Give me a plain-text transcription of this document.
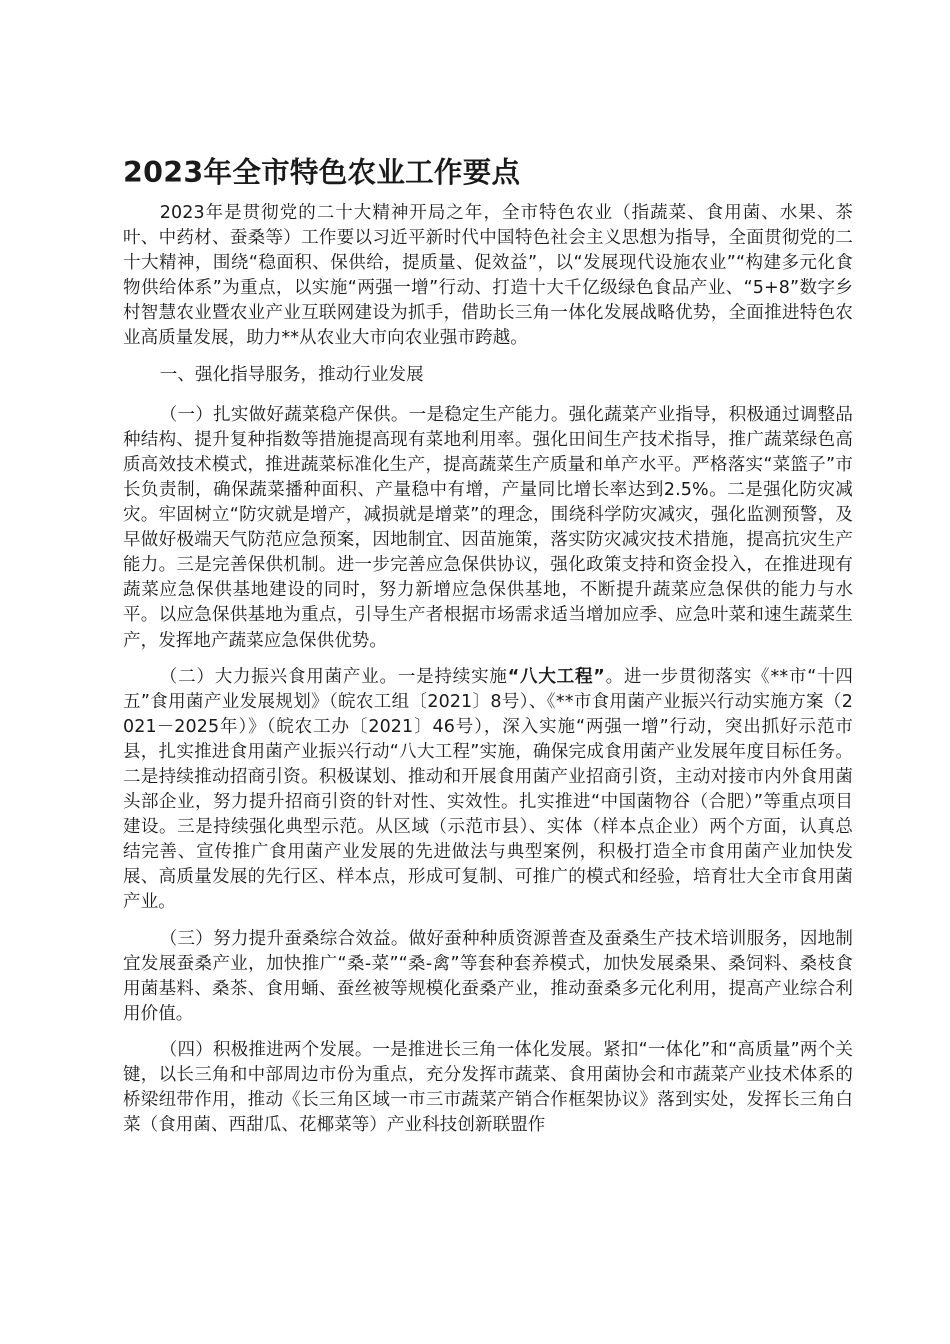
2023年全市特色农业工作要点

2023年是贯彻党的二十大精神开局之年，全市特色农业（指蔬菜、食用菌、水果、茶叶、中药材、蚕桑等）工作要以习近平新时代中国特色社会主义思想为指导，全面贯彻党的二十大精神，围绕“稳面积、保供给，提质量、促效益”，以“发展现代设施农业”“构建多元化食物供给体系”为重点，以实施“两强一增”行动、打造十大千亿级绿色食品产业、“5+8”数字乡村智慧农业暨农业产业互联网建设为抓手，借助长三角一体化发展战略优势，全面推进特色农业高质量发展，助力**从农业大市向农业强市跨越。

一、强化指导服务，推动行业发展

（一）扎实做好蔬菜稳产保供。一是稳定生产能力。强化蔬菜产业指导，积极通过调整品种结构、提升复种指数等措施提高现有菜地利用率。强化田间生产技术指导，推广蔬菜绿色高质高效技术模式，推进蔬菜标准化生产，提高蔬菜生产质量和单产水平。严格落实“菜篮子”市长负责制，确保蔬菜播种面积、产量稳中有增，产量同比增长率达到2.5%。二是强化防灾减灾。牢固树立“防灾就是增产，减损就是增菜”的理念，围绕科学防灾减灾，强化监测预警，及早做好极端天气防范应急预案，因地制宜、因苗施策，落实防灾减灾技术措施，提高抗灾生产能力。三是完善保供机制。进一步完善应急保供协议，强化政策支持和资金投入，在推进现有蔬菜应急保供基地建设的同时，努力新增应急保供基地，不断提升蔬菜应急保供的能力与水平。以应急保供基地为重点，引导生产者根据市场需求适当增加应季、应急叶菜和速生蔬菜生产，发挥地产蔬菜应急保供优势。

（二）大力振兴食用菌产业。一是持续实施“八大工程”。进一步贯彻落实《**市“十四五”食用菌产业发展规划》（皖农工组〔2021〕8号）、《**市食用菌产业振兴行动实施方案（2021－2025年）》（皖农工办〔2021〕46号），深入实施“两强一增”行动，突出抓好示范市县，扎实推进食用菌产业振兴行动“八大工程”实施，确保完成食用菌产业发展年度目标任务。二是持续推动招商引资。积极谋划、推动和开展食用菌产业招商引资，主动对接市内外食用菌头部企业，努力提升招商引资的针对性、实效性。扎实推进“中国菌物谷（合肥）”等重点项目建设。三是持续强化典型示范。从区域（示范市县）、实体（样本点企业）两个方面，认真总结完善、宣传推广食用菌产业发展的先进做法与典型案例，积极打造全市食用菌产业加快发展、高质量发展的先行区、样本点，形成可复制、可推广的模式和经验，培育壮大全市食用菌产业。

（三）努力提升蚕桑综合效益。做好蚕种种质资源普查及蚕桑生产技术培训服务，因地制宜发展蚕桑产业，加快推广“桑-菜”“桑-禽”等套种套养模式，加快发展桑果、桑饲料、桑枝食用菌基料、桑茶、食用蛹、蚕丝被等规模化蚕桑产业，推动蚕桑多元化利用，提高产业综合利用价值。

（四）积极推进两个发展。一是推进长三角一体化发展。紧扣“一体化”和“高质量”两个关键，以长三角和中部周边市份为重点，充分发挥市蔬菜、食用菌协会和市蔬菜产业技术体系的桥梁纽带作用，推动《长三角区域一市三市蔬菜产销合作框架协议》落到实处，发挥长三角白菜（食用菌、西甜瓜、花椰菜等）产业科技创新联盟作
